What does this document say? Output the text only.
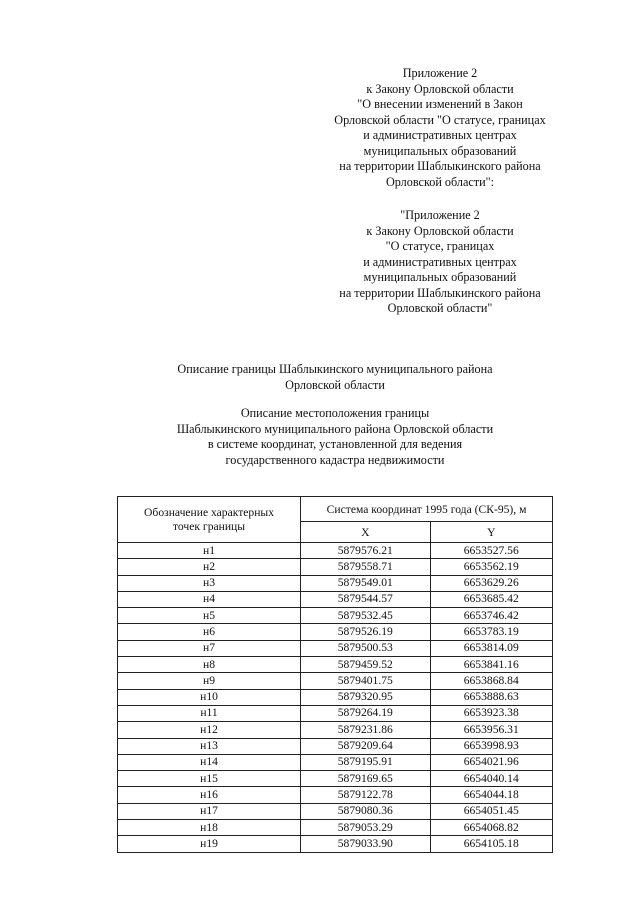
Приложение 2
к Закону Орловской области
"О внесении изменений в Закон
Орловской области "О статусе, границах
и административных центрах
муниципальных образований
на территории Шаблыкинского района
Орловской области":
"Приложение 2
к Закону Орловской области
"О статусе, границах
и административных центрах
муниципальных образований
на территории Шаблыкинского района
Орловской области"
Описание границы Шаблыкинского муниципального района
Орловской области
Описание местоположения границы
Шаблыкинского муниципального района Орловской области
в системе координат, установленной для ведения
государственного кадастра недвижимости
Обозначение характерных
точек границы	Система координат 1995 года (СК-95), м	
	X	Y
н1	5879576.21	6653527.56
н2	5879558.71	6653562.19
н3	5879549.01	6653629.26
н4	5879544.57	6653685.42
н5	5879532.45	6653746.42
н6	5879526.19	6653783.19
н7	5879500.53	6653814.09
н8	5879459.52	6653841.16
н9	5879401.75	6653868.84
н10	5879320.95	6653888.63
н11	5879264.19	6653923.38
н12	5879231.86	6653956.31
н13	5879209.64	6653998.93
н14	5879195.91	6654021.96
н15	5879169.65	6654040.14
н16	5879122.78	6654044.18
н17	5879080.36	6654051.45
н18	5879053.29	6654068.82
н19	5879033.90	6654105.18
